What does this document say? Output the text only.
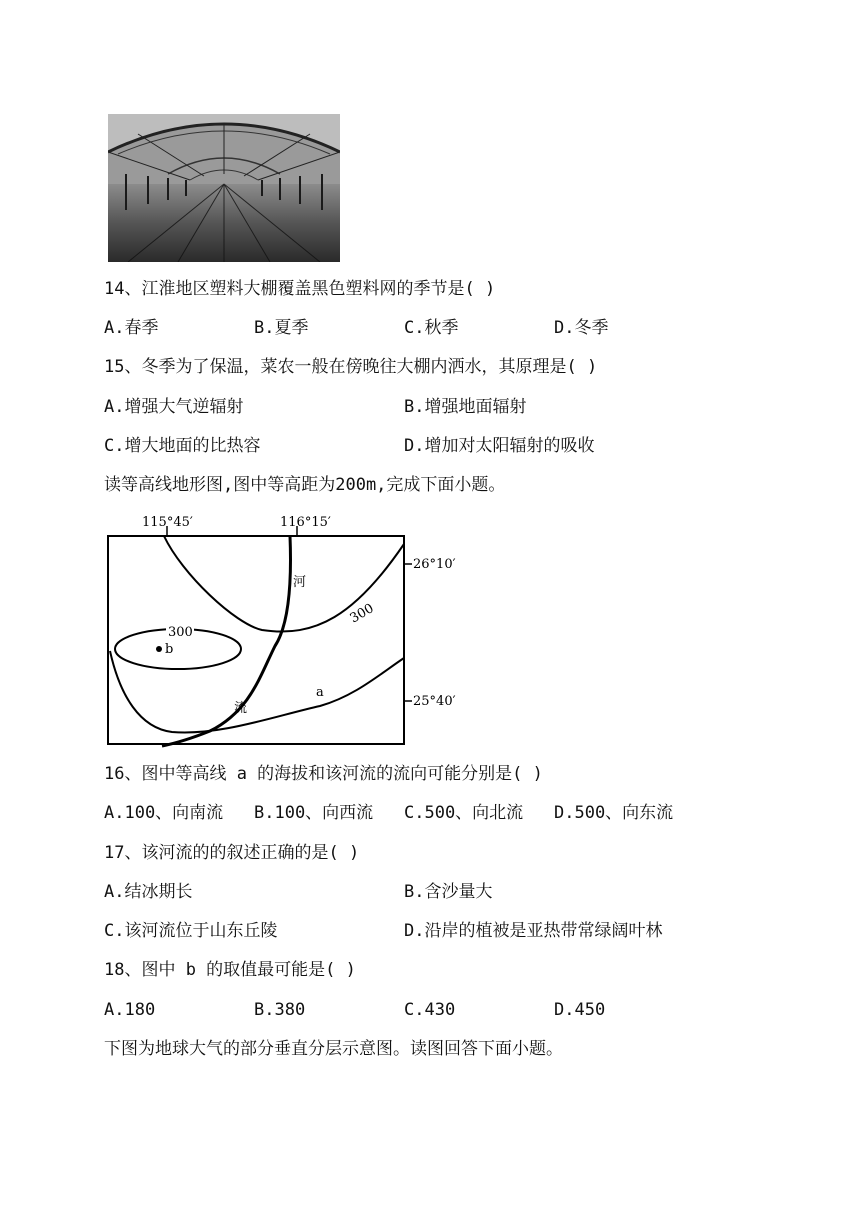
14、江淮地区塑料大棚覆盖黑色塑料网的季节是( )
A.春季	B.夏季	C.秋季	D.冬季
15、冬季为了保温，菜农一般在傍晚往大棚内洒水，其原理是( )
A.增强大气逆辐射	B.增强地面辐射
C.增大地面的比热容	D.增加对太阳辐射的吸收
读等高线地形图,图中等高距为200m,完成下面小题。
115°45′	116°15′
26°10′
25°40′
300
300
b
a
河
流
16、图中等高线 a 的海拔和该河流的流向可能分别是( )
A.100、向南流 B.100、向西流 C.500、向北流 D.500、向东流
17、该河流的的叙述正确的是( )
A.结冰期长	B.含沙量大
C.该河流位于山东丘陵	D.沿岸的植被是亚热带常绿阔叶林
18、图中 b 的取值最可能是( )
A.180	B.380	C.430	D.450
下图为地球大气的部分垂直分层示意图。读图回答下面小题。
